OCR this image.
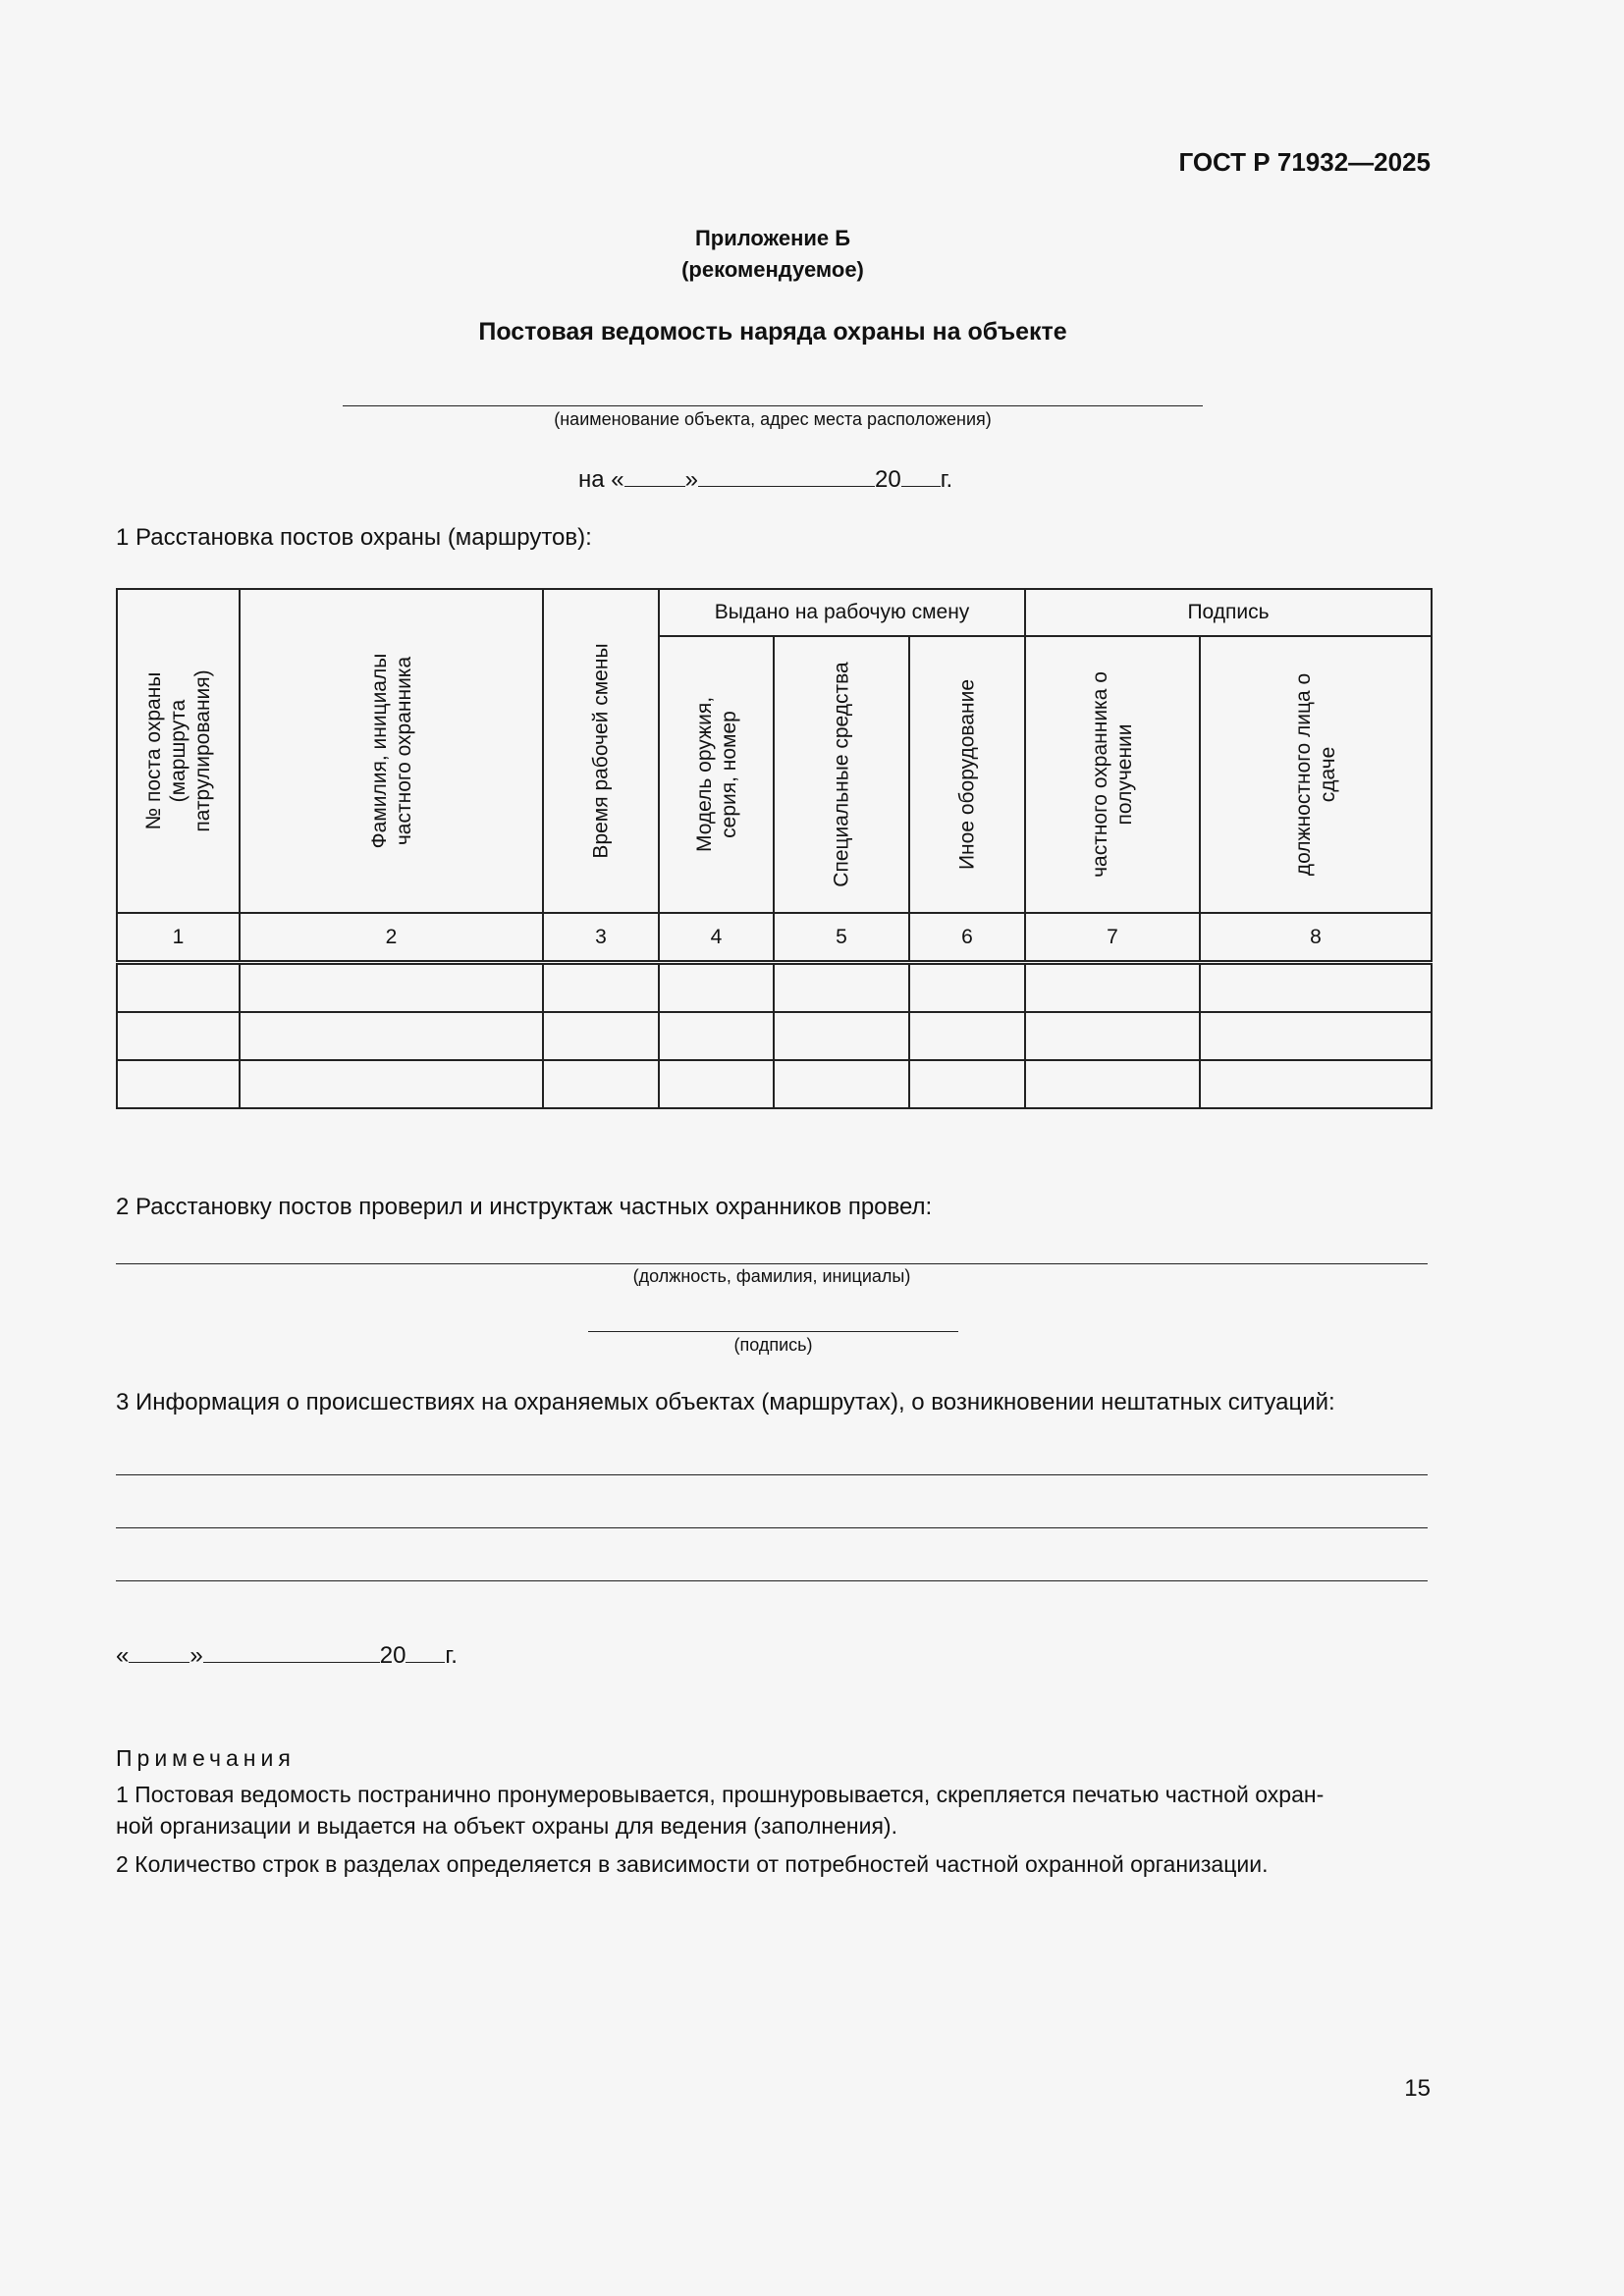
ГОСТ Р 71932—2025
Приложение Б
(рекомендуемое)
Постовая ведомость наряда охраны на объекте
(наименование объекта, адрес места расположения)
на «	»	20 г.
1 Расстановка постов охраны (маршрутов):
№ поста охраны (маршрута патрулирования)	Фамилия, инициалы частного охранника	Время рабочей смены	Выдано на рабочую смену			Подпись	

			Модель оружия, серия, номер	Специальные средства	Иное оборудование	частного охранника о получении	должностного лица о сдаче

1	2	3	4	5	6	7	8

2 Расстановку постов проверил и инструктаж частных охранников провел:
(должность, фамилия, инициалы)
(подпись)
3 Информация о происшествиях на охраняемых объектах (маршрутах), о возникновении нештатных ситуаций:
«	»	20 г.
Примечания
1 Постовая ведомость постранично пронумеровывается, прошнуровывается, скрепляется печатью частной охран-
ной организации и выдается на объект охраны для ведения (заполнения).
2 Количество строк в разделах определяется в зависимости от потребностей частной охранной организации.
15
